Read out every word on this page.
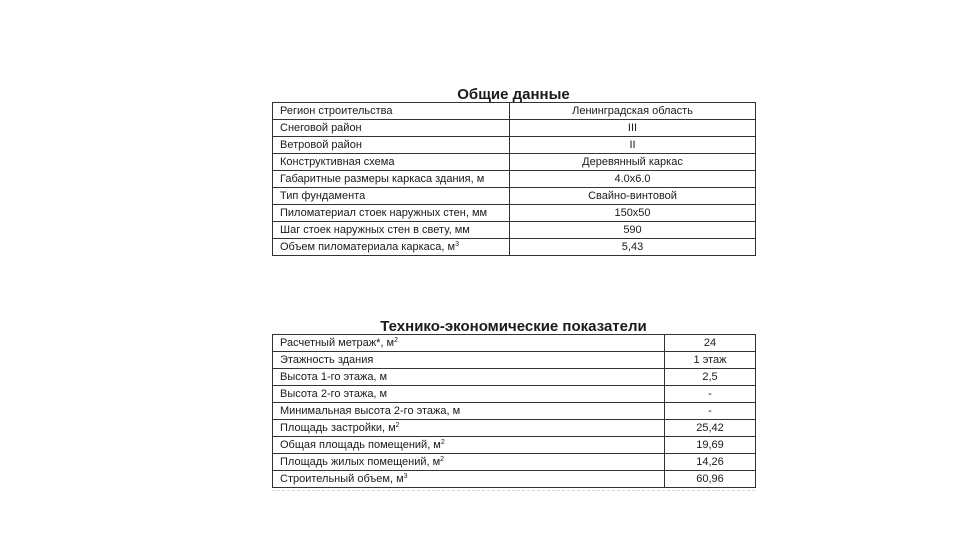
Общие данные
Регион строительства	Ленинградская область
Снеговой район	III
Ветровой район	II
Конструктивная схема	Деревянный каркас
Габаритные размеры каркаса здания, м	4.0x6.0
Тип фундамента	Свайно-винтовой
Пиломатериал стоек наружных стен, мм	150x50
Шаг стоек наружных стен в свету, мм	590
Объем пиломатериала каркаса, $м^3$	5,43
Технико-экономические показатели
Расчетный метраж*, $м^2$	24
Этажность здания	1 этаж
Высота 1-го этажа, м	2,5
Высота 2-го этажа, м	-
Минимальная высота 2-го этажа, м	-
Площадь застройки, $м^2$	25,42
Общая площадь помещений, $м^2$	19,69
Площадь жилых помещений, $м^2$	14,26
Строительный объем, $м^3$	60,96
